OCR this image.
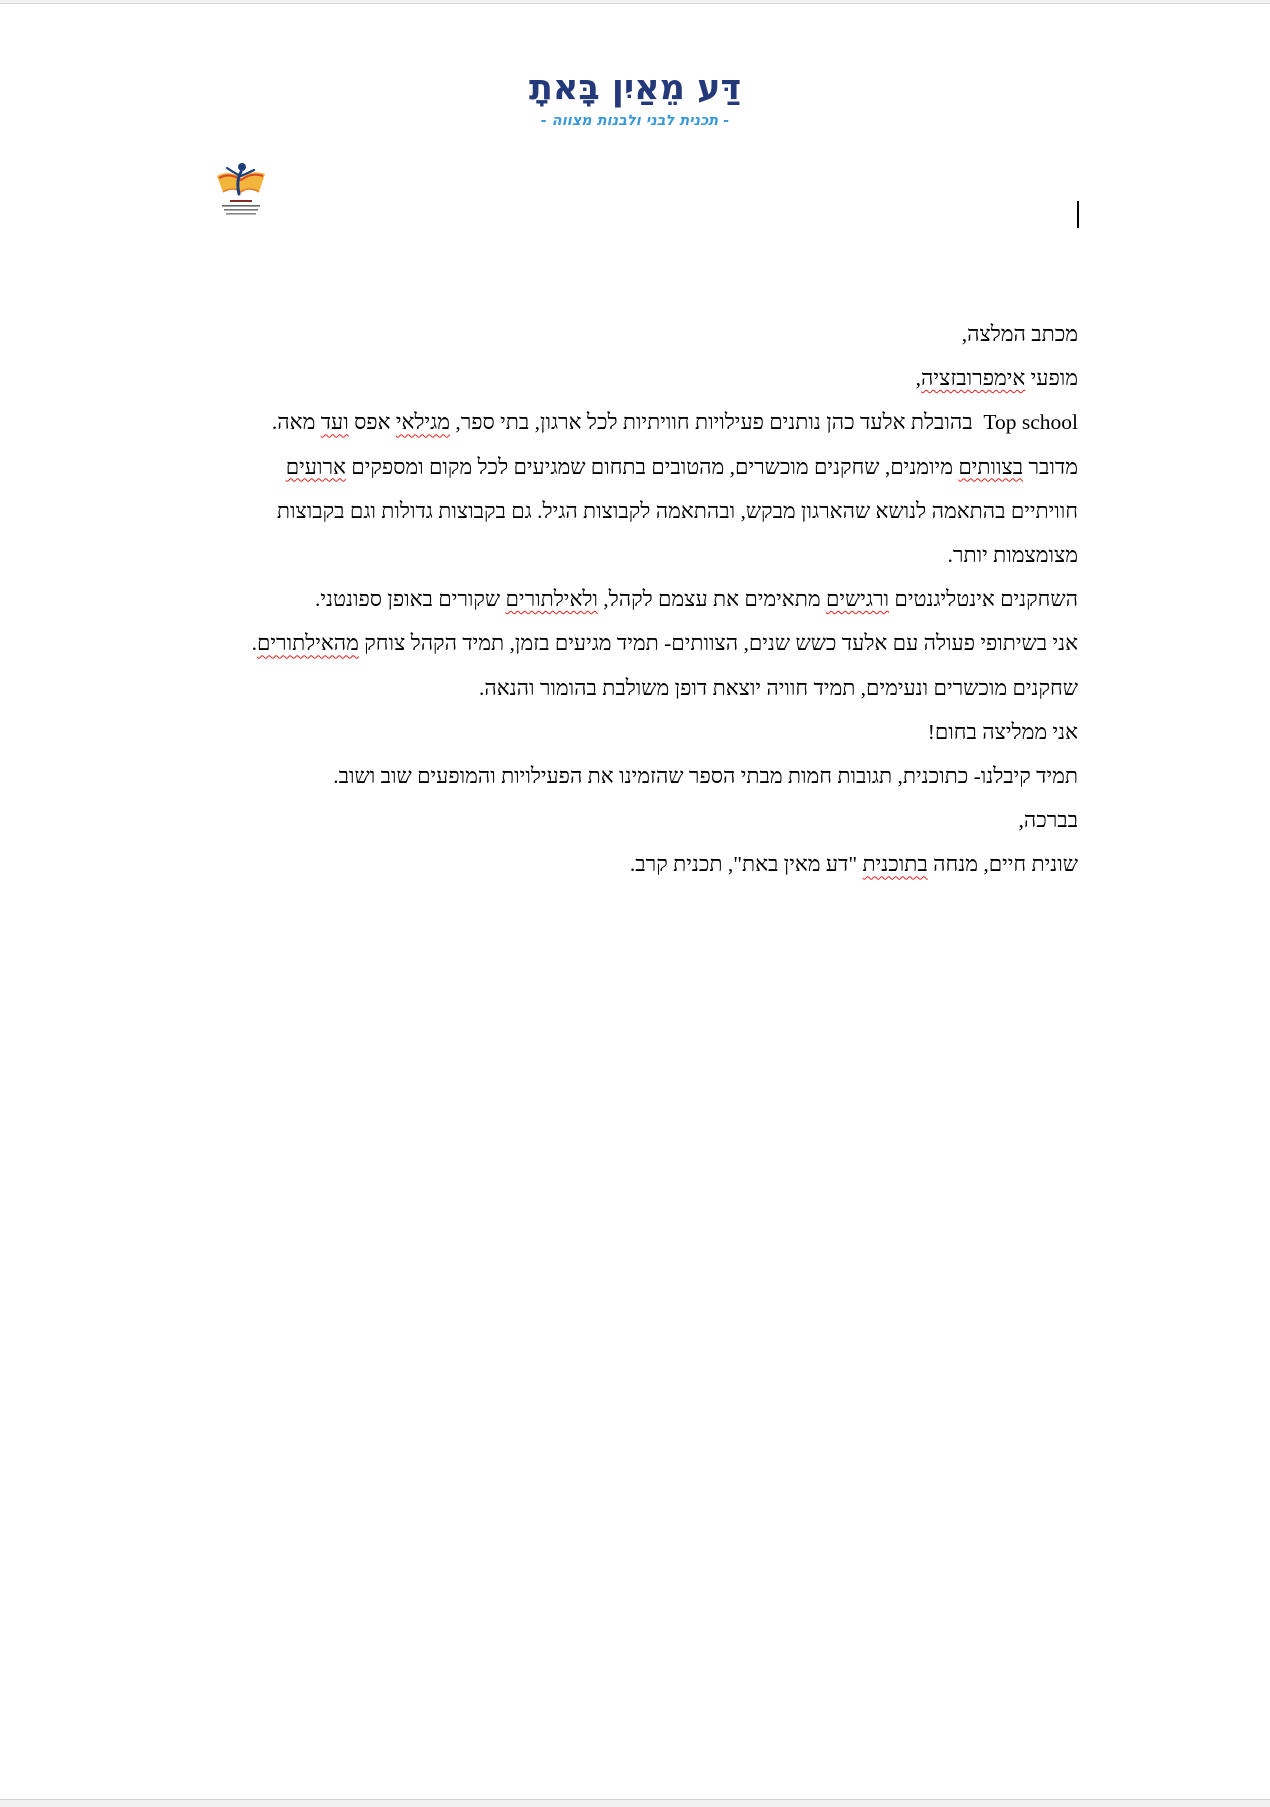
דַּע מֵאַיִן בָּאתָ
- תכנית לבני ולבנות מצווה -

מכתב המלצה,

מופעי אימפרובזציה,

Top school  בהובלת אלעד כהן נותנים פעילויות חוויתיות לכל ארגון, בתי ספר, מגילאי אפס ועד מאה.

מדובר בצוותים מיומנים, שחקנים מוכשרים, מהטובים בתחום שמגיעים לכל מקום ומספקים ארועים

חוויתיים בהתאמה לנושא שהארגון מבקש, ובהתאמה לקבוצות הגיל. גם בקבוצות גדולות וגם בקבוצות

מצומצמות יותר.

השחקנים אינטליגנטים ורגישים מתאימים את עצמם לקהל, ולאילתורים שקורים באופן ספונטני.

אני בשיתופי פעולה עם אלעד כשש שנים, הצוותים- תמיד מגיעים בזמן, תמיד הקהל צוחק מהאילתורים.

שחקנים מוכשרים ונעימים, תמיד חוויה יוצאת דופן משולבת בהומור והנאה.

אני ממליצה בחום!

תמיד קיבלנו- כתוכנית, תגובות חמות מבתי הספר שהזמינו את הפעילויות והמופעים שוב ושוב.

בברכה,

שונית חיים, מנחה בתוכנית "דע מאין באת", תכנית קרב.
